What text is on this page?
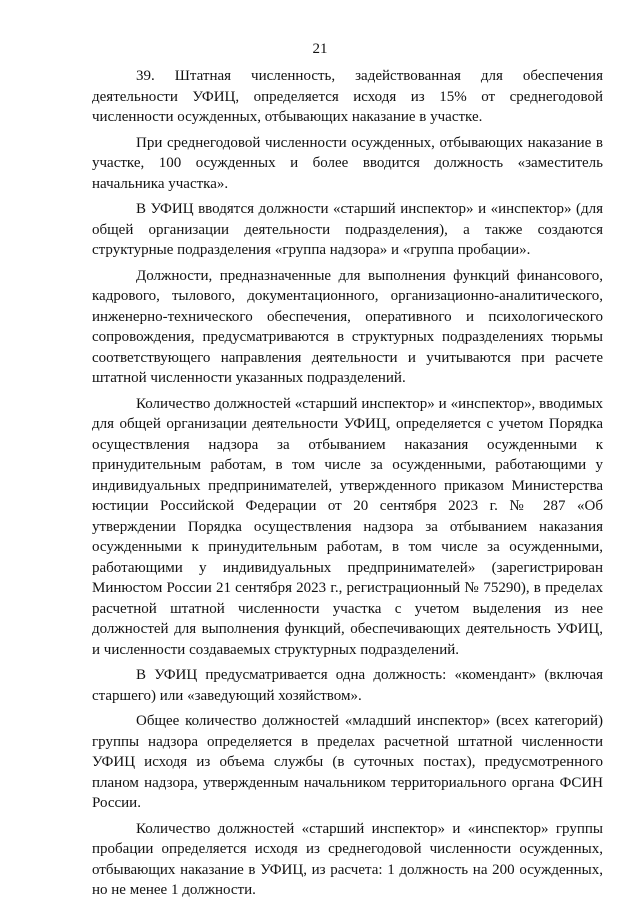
21

39. Штатная численность, задействованная для обеспечения деятельности УФИЦ, определяется исходя из 15% от среднегодовой численности осужденных, отбывающих наказание в участке.

При среднегодовой численности осужденных, отбывающих наказание в участке, 100 осужденных и более вводится должность «заместитель начальника участка».

В УФИЦ вводятся должности «старший инспектор» и «инспектор» (для общей организации деятельности подразделения), а также создаются структурные подразделения «группа надзора» и «группа пробации».

Должности, предназначенные для выполнения функций финансового, кадрового, тылового, документационного, организационно-аналитического, инженерно-технического обеспечения, оперативного и психологического сопровождения, предусматриваются в структурных подразделениях тюрьмы соответствующего направления деятельности и учитываются при расчете штатной численности указанных подразделений.

Количество должностей «старший инспектор» и «инспектор», вводимых для общей организации деятельности УФИЦ, определяется с учетом Порядка осуществления надзора за отбыванием наказания осужденными к принудительным работам, в том числе за осужденными, работающими у индивидуальных предпринимателей, утвержденного приказом Министерства юстиции Российской Федерации от 20 сентября 2023 г. № 287 «Об утверждении Порядка осуществления надзора за отбыванием наказания осужденными к принудительным работам, в том числе за осужденными, работающими у индивидуальных предпринимателей» (зарегистрирован Минюстом России 21 сентября 2023 г., регистрационный № 75290), в пределах расчетной штатной численности участка с учетом выделения из нее должностей для выполнения функций, обеспечивающих деятельность УФИЦ, и численности создаваемых структурных подразделений.

В УФИЦ предусматривается одна должность: «комендант» (включая старшего) или «заведующий хозяйством».

Общее количество должностей «младший инспектор» (всех категорий) группы надзора определяется в пределах расчетной штатной численности УФИЦ исходя из объема службы (в суточных постах), предусмотренного планом надзора, утвержденным начальником территориального органа ФСИН России.

Количество должностей «старший инспектор» и «инспектор» группы пробации определяется исходя из среднегодовой численности осужденных, отбывающих наказание в УФИЦ, из расчета: 1 должность на 200 осужденных, но не менее 1 должности.
